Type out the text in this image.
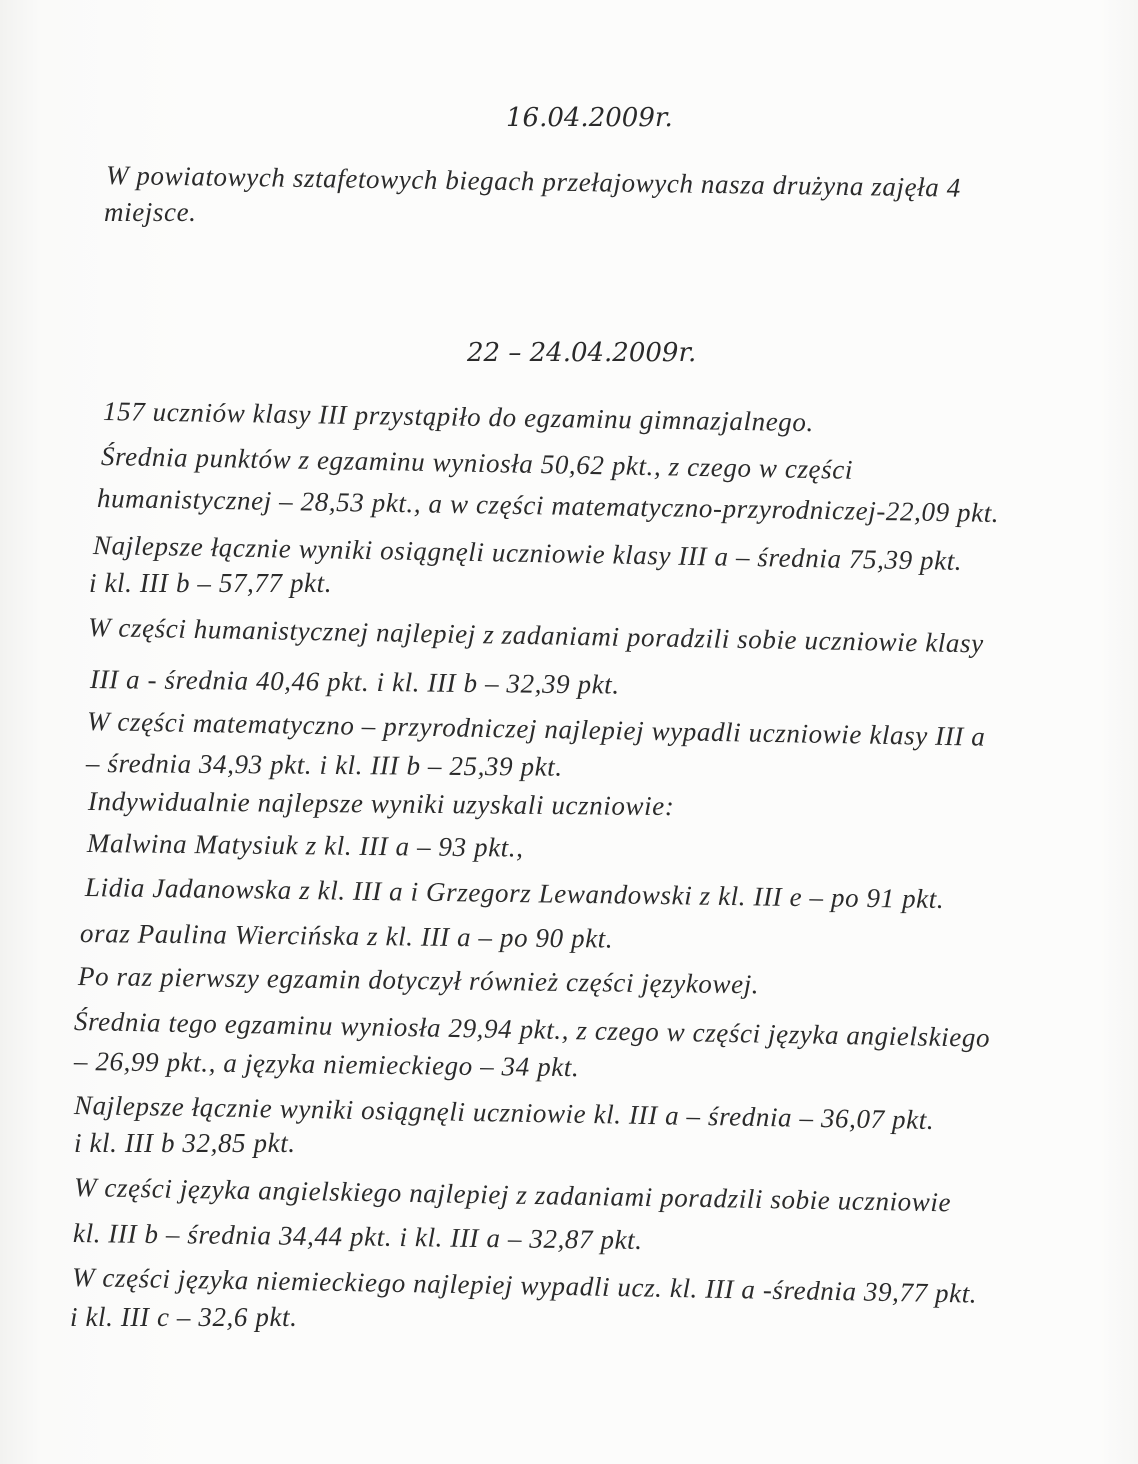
16.04.2009r.
W powiatowych sztafetowych biegach przełajowych nasza drużyna zajęła 4
miejsce.
22 – 24.04.2009r.
157 uczniów klasy III przystąpiło do egzaminu gimnazjalnego.
Średnia punktów z egzaminu wyniosła 50,62 pkt., z czego w części
humanistycznej – 28,53 pkt., a w części matematyczno-przyrodniczej-22,09 pkt.
Najlepsze łącznie wyniki osiągnęli uczniowie klasy III a – średnia 75,39 pkt.
i kl. III b – 57,77 pkt.
W części humanistycznej najlepiej z zadaniami poradzili sobie uczniowie klasy
III a - średnia 40,46 pkt. i kl. III b – 32,39 pkt.
W części matematyczno – przyrodniczej najlepiej wypadli uczniowie klasy III a
– średnia 34,93 pkt. i kl. III b – 25,39 pkt.
Indywidualnie najlepsze wyniki uzyskali uczniowie:
Malwina Matysiuk z kl. III a – 93 pkt.,
Lidia Jadanowska z kl. III a i Grzegorz Lewandowski z kl. III e – po 91 pkt.
oraz Paulina Wiercińska z kl. III a – po 90 pkt.
Po raz pierwszy egzamin dotyczył również części językowej.
Średnia tego egzaminu wyniosła 29,94 pkt., z czego w części języka angielskiego
– 26,99 pkt., a języka niemieckiego – 34 pkt.
Najlepsze łącznie wyniki osiągnęli uczniowie kl. III a – średnia – 36,07 pkt.
i kl. III b 32,85 pkt.
W części języka angielskiego najlepiej z zadaniami poradzili sobie uczniowie
kl. III b – średnia 34,44 pkt. i kl. III a – 32,87 pkt.
W części języka niemieckiego najlepiej wypadli ucz. kl. III a -średnia 39,77 pkt.
i kl. III c – 32,6 pkt.
